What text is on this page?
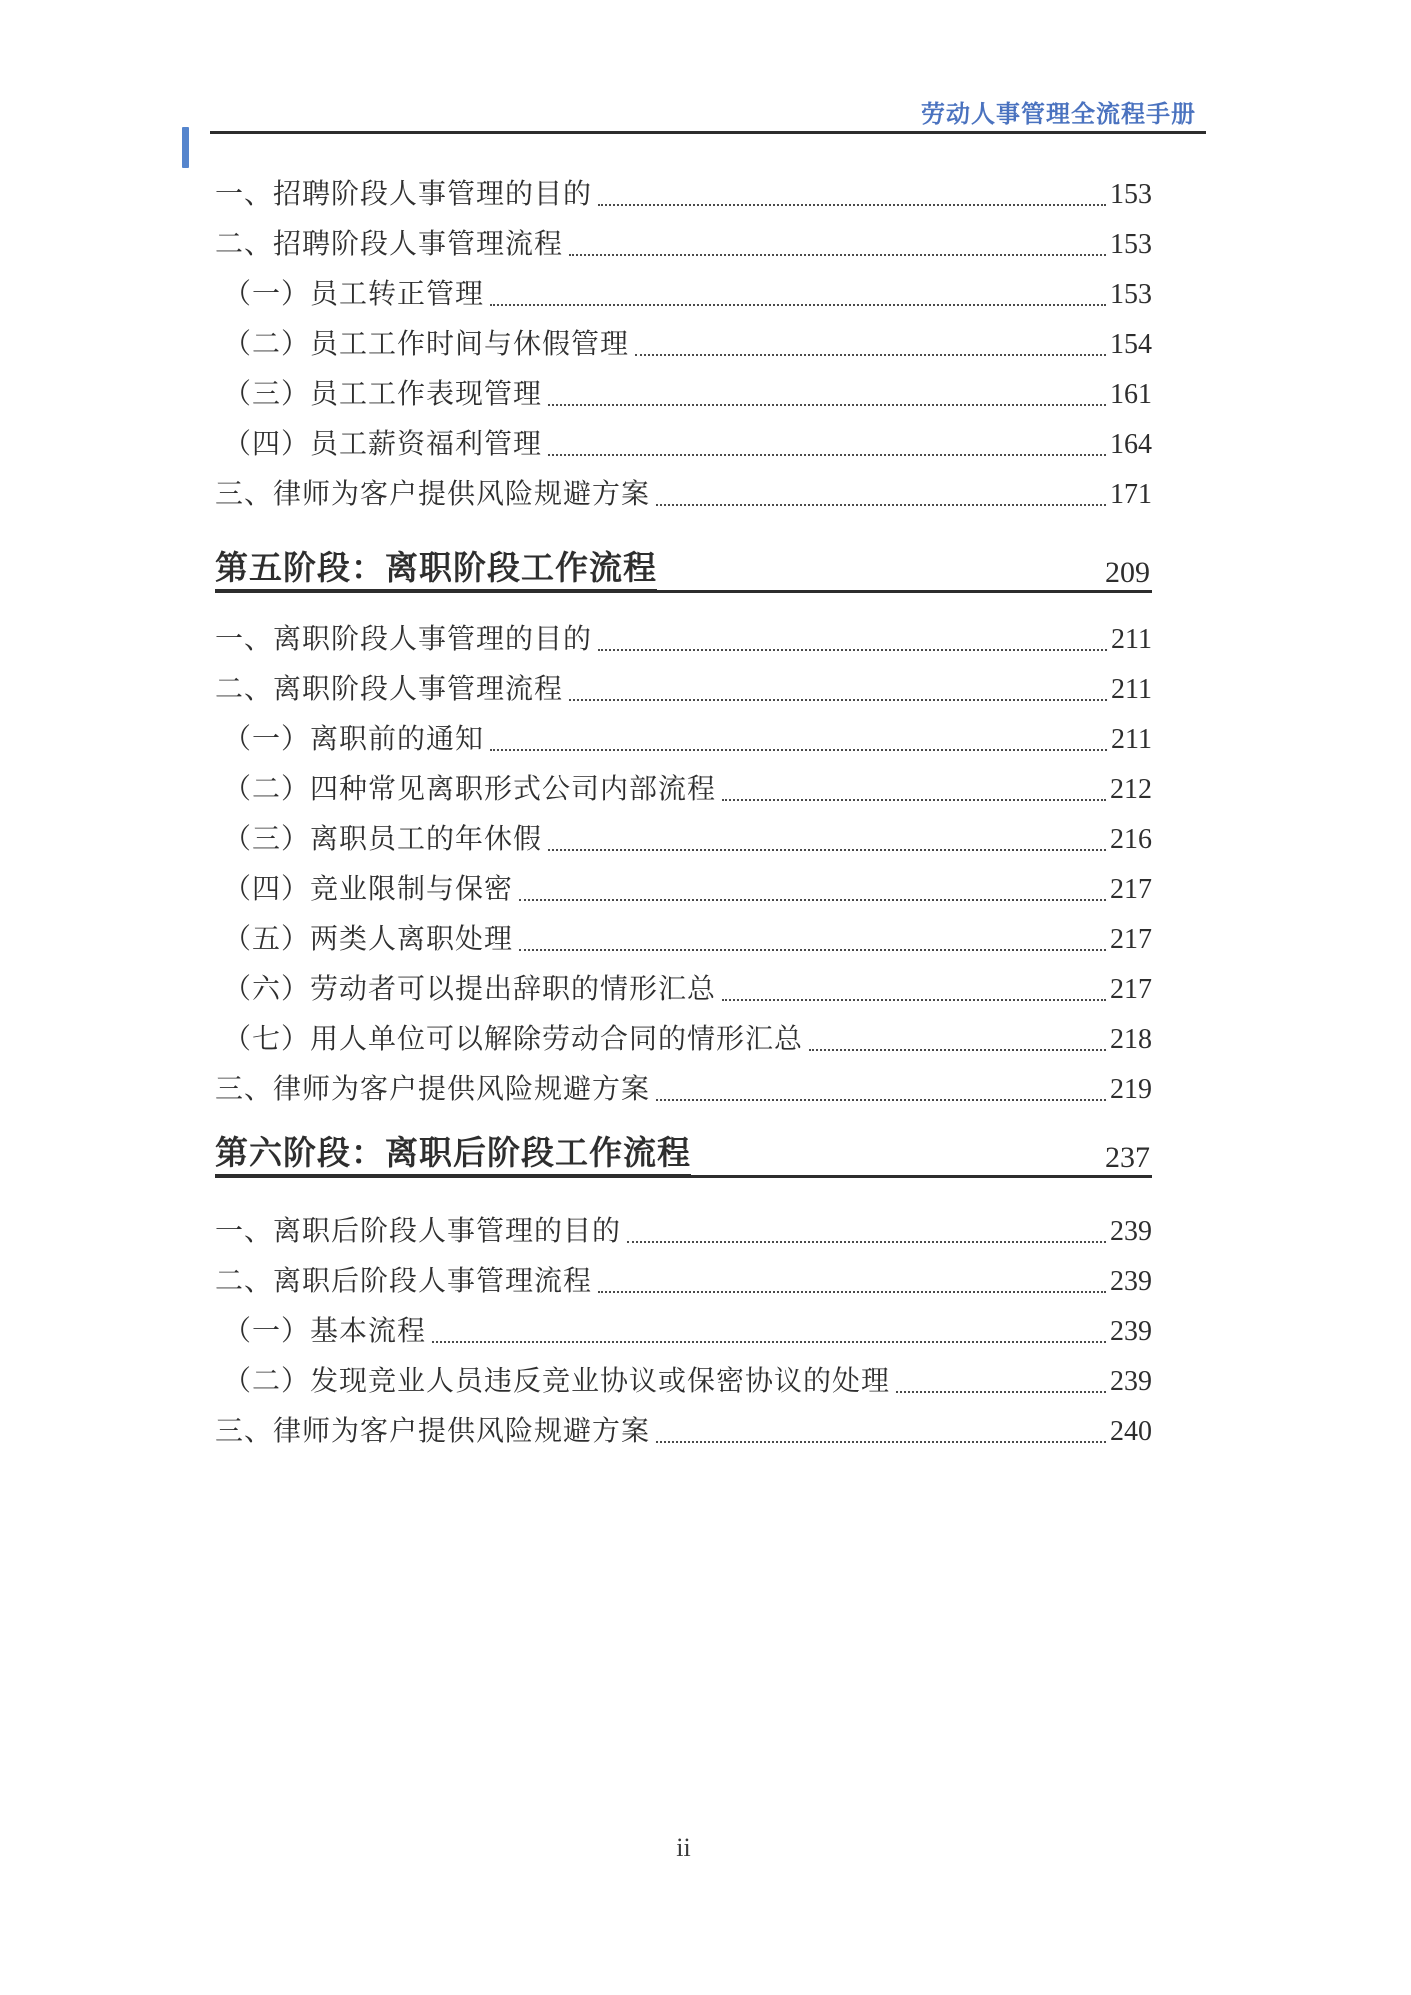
劳动人事管理全流程手册
一、招聘阶段人事管理的目的	153
二、招聘阶段人事管理流程	153
（一）员工转正管理	153
（二）员工工作时间与休假管理	154
（三）员工工作表现管理	161
（四）员工薪资福利管理	164
三、律师为客户提供风险规避方案	171
第五阶段：离职阶段工作流程	209
一、离职阶段人事管理的目的	211
二、离职阶段人事管理流程	211
（一）离职前的通知	211
（二）四种常见离职形式公司内部流程	212
（三）离职员工的年休假	216
（四）竞业限制与保密	217
（五）两类人离职处理	217
（六）劳动者可以提出辞职的情形汇总	217
（七）用人单位可以解除劳动合同的情形汇总	218
三、律师为客户提供风险规避方案	219
第六阶段：离职后阶段工作流程	237
一、离职后阶段人事管理的目的	239
二、离职后阶段人事管理流程	239
（一）基本流程	239
（二）发现竞业人员违反竞业协议或保密协议的处理	239
三、律师为客户提供风险规避方案	240
ii
